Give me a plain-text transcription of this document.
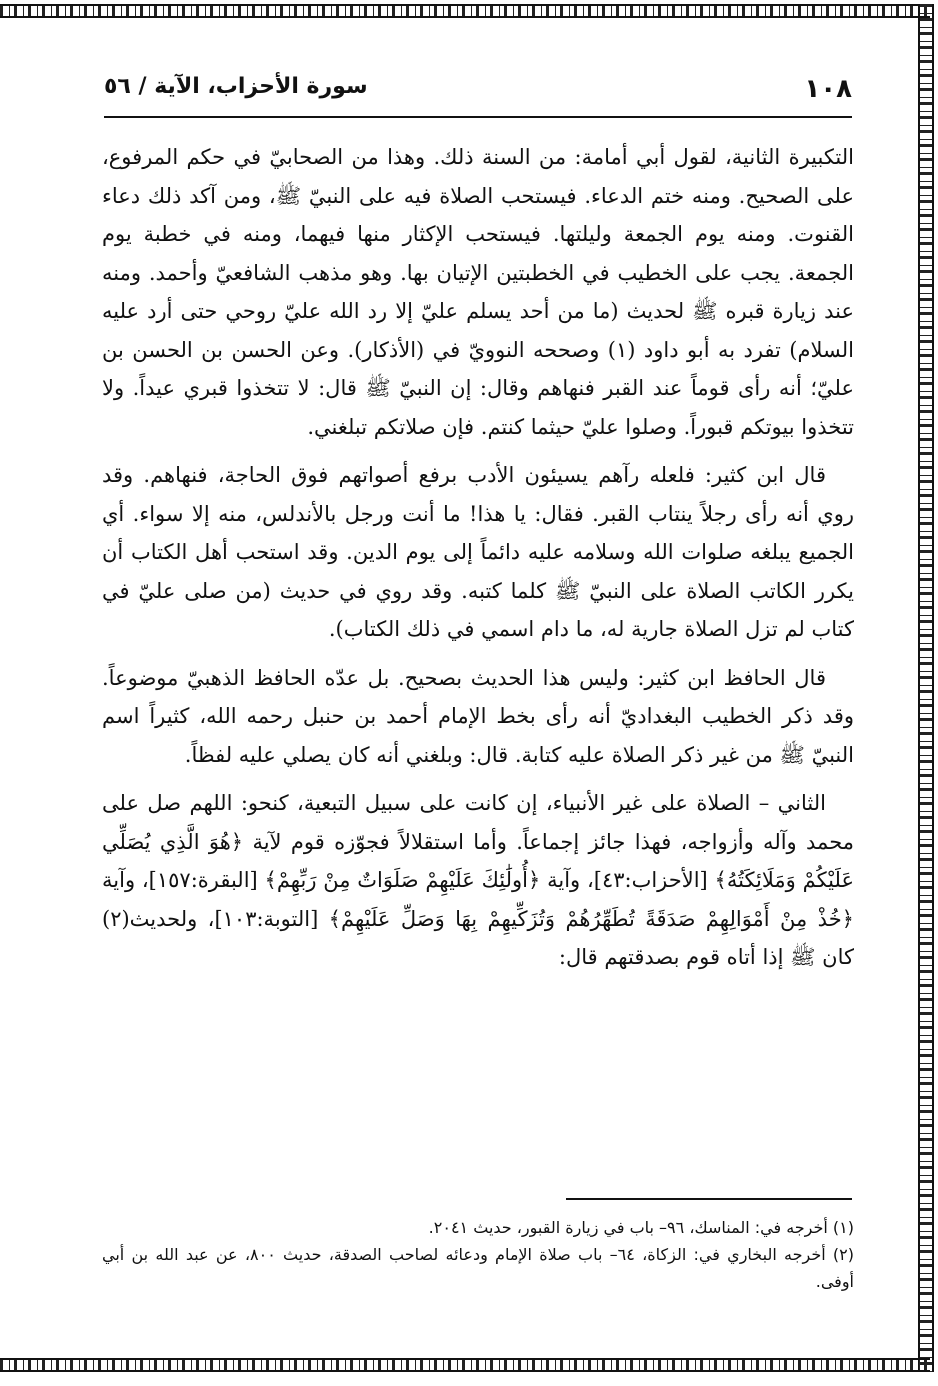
١٠٨
سورة الأحزاب، الآية / ٥٦

التكبيرة الثانية، لقول أبي أمامة: من السنة ذلك. وهذا من الصحابيّ في حكم المرفوع، على الصحيح. ومنه ختم الدعاء. فيستحب الصلاة فيه على النبيّ ﷺ، ومن آكد ذلك دعاء القنوت. ومنه يوم الجمعة وليلتها. فيستحب الإكثار منها فيهما، ومنه في خطبة يوم الجمعة. يجب على الخطيب في الخطبتين الإتيان بها. وهو مذهب الشافعيّ وأحمد. ومنه عند زيارة قبره ﷺ لحديث (ما من أحد يسلم عليّ إلا رد الله عليّ روحي حتى أرد عليه السلام) تفرد به أبو داود (١) وصححه النوويّ في (الأذكار). وعن الحسن بن الحسن بن عليّ؛ أنه رأى قوماً عند القبر فنهاهم وقال: إن النبيّ ﷺ قال: لا تتخذوا قبري عيداً. ولا تتخذوا بيوتكم قبوراً. وصلوا عليّ حيثما كنتم. فإن صلاتكم تبلغني.

قال ابن كثير: فلعله رآهم يسيئون الأدب برفع أصواتهم فوق الحاجة، فنهاهم. وقد روي أنه رأى رجلاً ينتاب القبر. فقال: يا هذا! ما أنت ورجل بالأندلس، منه إلا سواء. أي الجميع يبلغه صلوات الله وسلامه عليه دائماً إلى يوم الدين. وقد استحب أهل الكتاب أن يكرر الكاتب الصلاة على النبيّ ﷺ كلما كتبه. وقد روي في حديث (من صلى عليّ في كتاب لم تزل الصلاة جارية له، ما دام اسمي في ذلك الكتاب).

قال الحافظ ابن كثير: وليس هذا الحديث بصحيح. بل عدّه الحافظ الذهبيّ موضوعاً. وقد ذكر الخطيب البغداديّ أنه رأى بخط الإمام أحمد بن حنبل رحمه الله، كثيراً اسم النبيّ ﷺ من غير ذكر الصلاة عليه كتابة. قال: وبلغني أنه كان يصلي عليه لفظاً.

الثاني – الصلاة على غير الأنبياء، إن كانت على سبيل التبعية، كنحو: اللهم صل على محمد وآله وأزواجه، فهذا جائز إجماعاً. وأما استقلالاً فجوّزه قوم لآية ﴿هُوَ الَّذِي يُصَلِّي عَلَيْكُمْ وَمَلَائِكَتُهُ﴾ [الأحزاب:٤٣]، وآية ﴿أُولَٰئِكَ عَلَيْهِمْ صَلَوَاتٌ مِنْ رَبِّهِمْ﴾ [البقرة:١٥٧]، وآية ﴿خُذْ مِنْ أَمْوَالِهِمْ صَدَقَةً تُطَهِّرُهُمْ وَتُزَكِّيهِمْ بِهَا وَصَلِّ عَلَيْهِمْ﴾ [التوبة:١٠٣]، ولحديث(٢) كان ﷺ إذا أتاه قوم بصدقتهم قال:

(١) أخرجه في: المناسك، ٩٦– باب في زيارة القبور، حديث ٢٠٤١.

(٢) أخرجه البخاري في: الزكاة، ٦٤– باب صلاة الإمام ودعائه لصاحب الصدقة، حديث ٨٠٠، عن عبد الله بن أبي أوفى.
